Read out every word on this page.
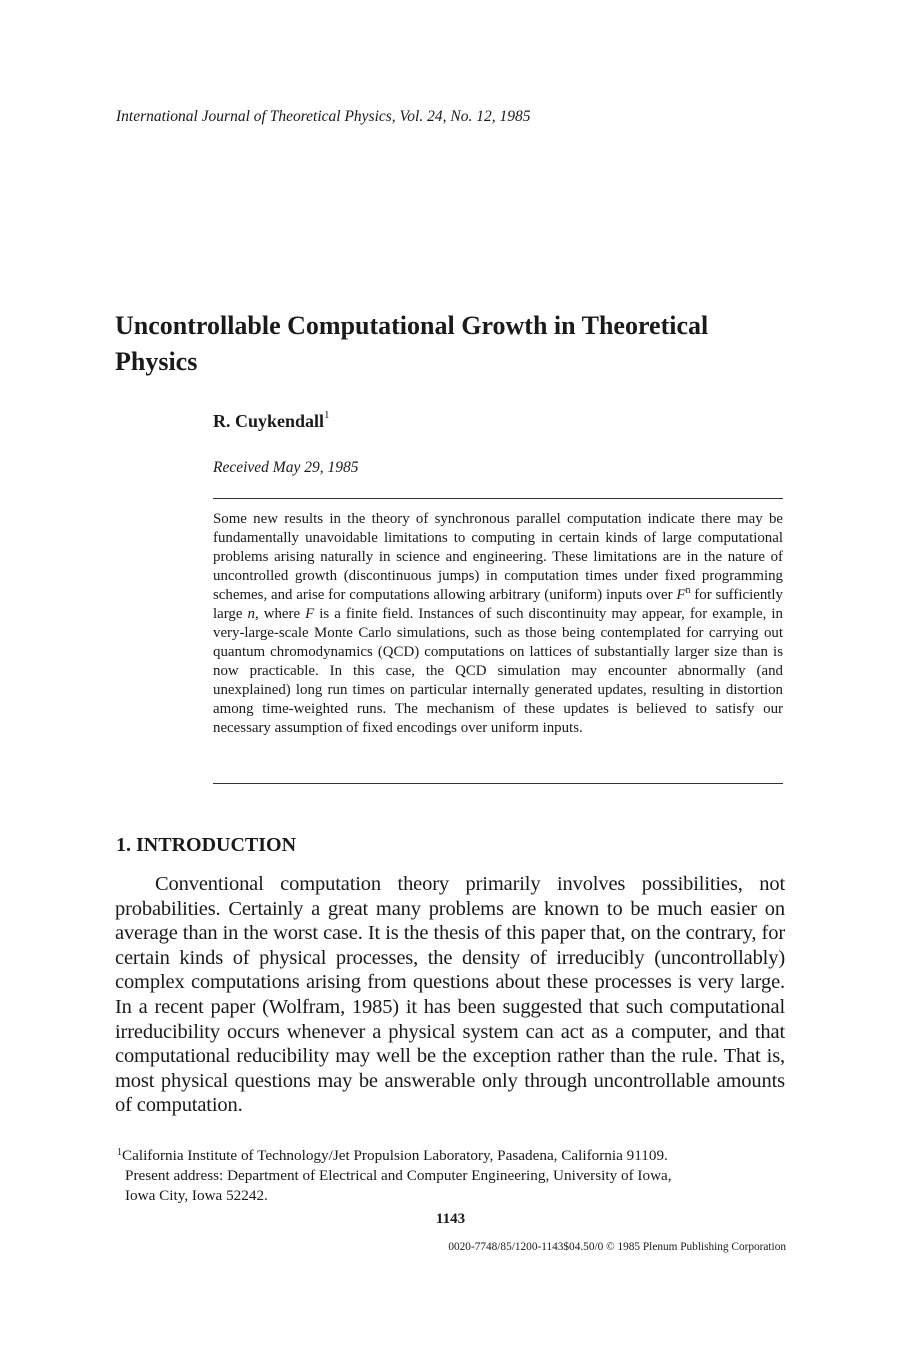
International Journal of Theoretical Physics, Vol. 24, No. 12, 1985
Uncontrollable Computational Growth in Theoretical Physics
R. Cuykendall$^1$
Received May 29, 1985
Some new results in the theory of synchronous parallel computation indicate there may be fundamentally unavoidable limitations to computing in certain kinds of large computational problems arising naturally in science and engineering. These limitations are in the nature of uncontrolled growth (discontinuous jumps) in computation times under fixed programming schemes, and arise for computations allowing arbitrary (uniform) inputs over $F^n$ for sufficiently large n, where F is a finite field. Instances of such discontinuity may appear, for example, in very-large-scale Monte Carlo simulations, such as those being contemplated for carrying out quantum chromodynamics (QCD) computations on lattices of substantially larger size than is now practicable. In this case, the QCD simulation may encounter abnormally (and unexplained) long run times on particular internally generated updates, resulting in distortion among time-weighted runs. The mechanism of these updates is believed to satisfy our necessary assumption of fixed encodings over uniform inputs.
1. INTRODUCTION

Conventional computation theory primarily involves possibilities, not probabilities. Certainly a great many problems are known to be much easier on average than in the worst case. It is the thesis of this paper that, on the contrary, for certain kinds of physical processes, the density of irreducibly (uncontrollably) complex computations arising from questions about these processes is very large. In a recent paper (Wolfram, 1985) it has been suggested that such computational irreducibility occurs whenever a physical system can act as a computer, and that computational reducibility may well be the exception rather than the rule. That is, most physical questions may be answerable only through uncontrollable amounts of computation.

$^1$California Institute of Technology/Jet Propulsion Laboratory, Pasadena, California 91109.
Present address: Department of Electrical and Computer Engineering, University of Iowa,
Iowa City, Iowa 52242.
1143
0020-7748/85/1200-1143$04.50/0 © 1985 Plenum Publishing Corporation
